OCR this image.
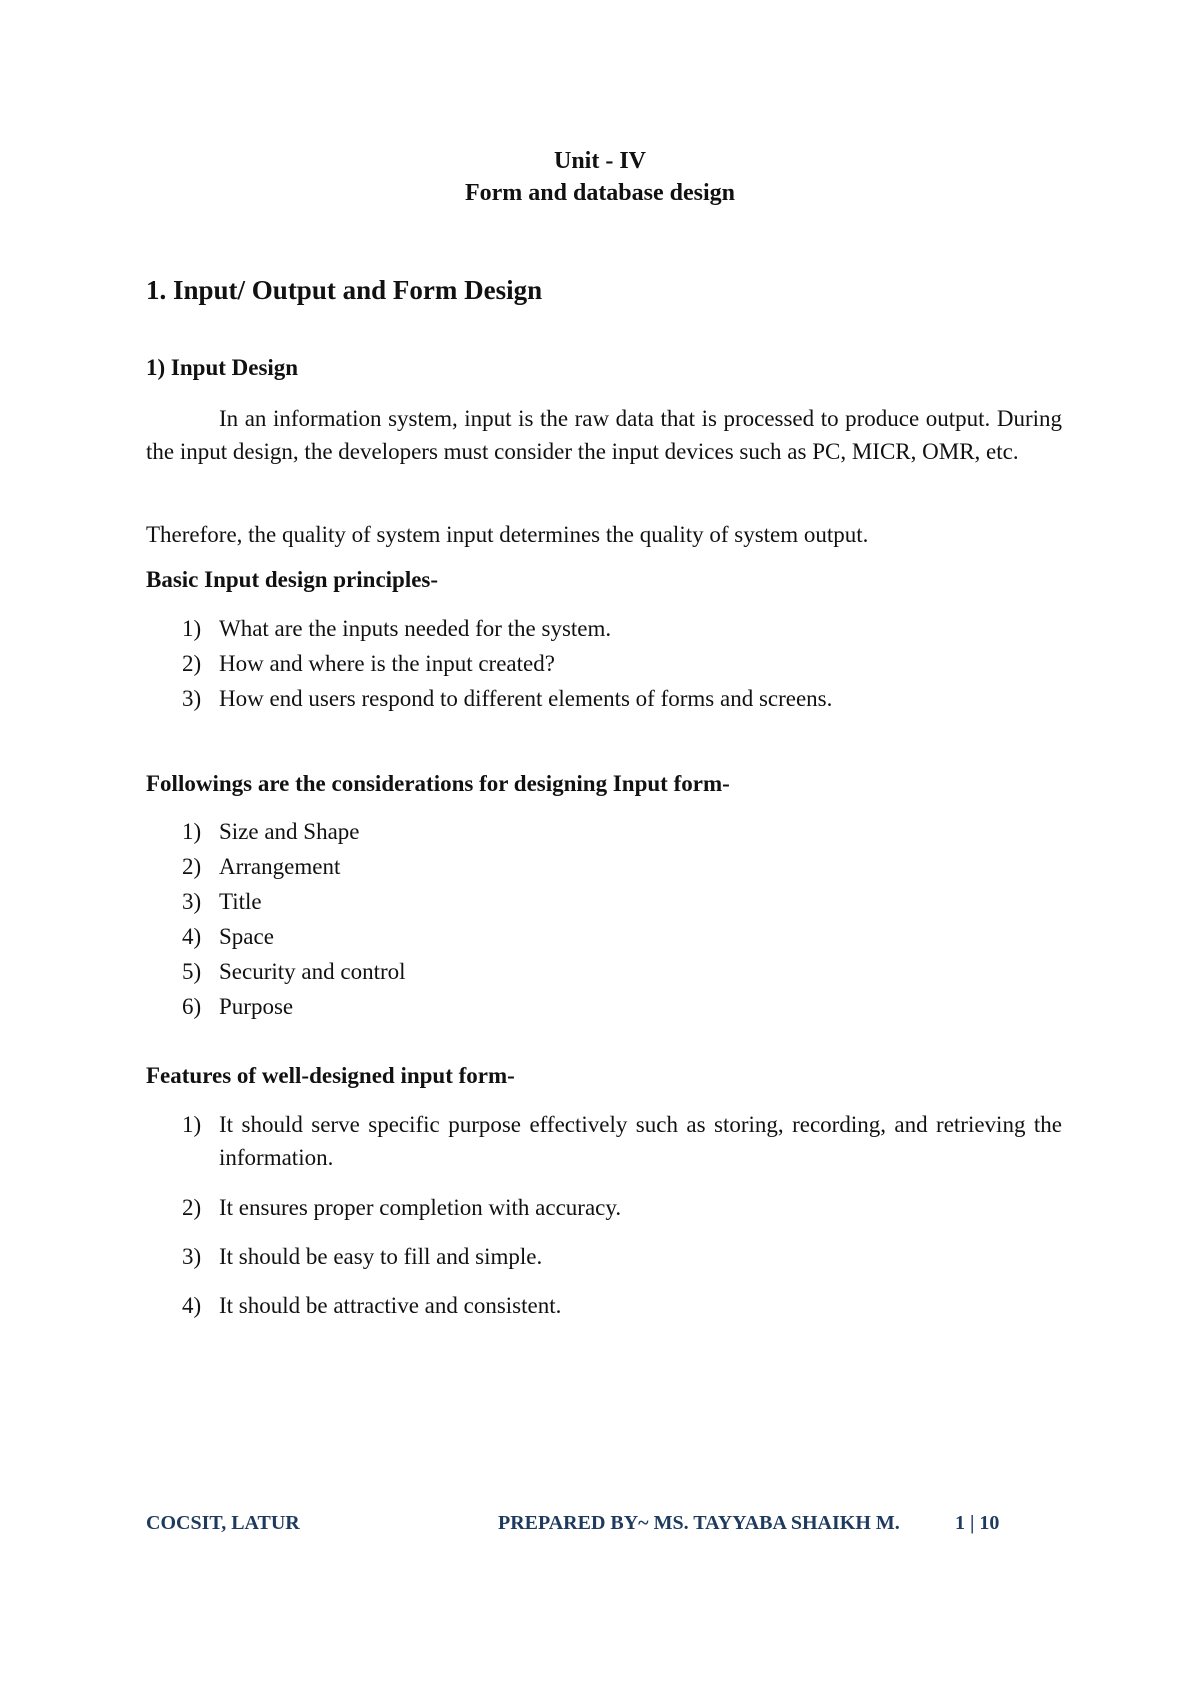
Unit - IV

Form and database design

1. Input/ Output and Form Design

1) Input Design

In an information system, input is the raw data that is processed to produce output. During the input design, the developers must consider the input devices such as PC, MICR, OMR, etc.

Therefore, the quality of system input determines the quality of system output.

Basic Input design principles-

1) What are the inputs needed for the system.
2) How and where is the input created?
3) How end users respond to different elements of forms and screens.

Followings are the considerations for designing Input form-

1) Size and Shape
2) Arrangement
3) Title
4) Space
5) Security and control
6) Purpose

Features of well-designed input form-

1) It should serve specific purpose effectively such as storing, recording, and retrieving the information.
2) It ensures proper completion with accuracy.
3) It should be easy to fill and simple.
4) It should be attractive and consistent.

COCSIT, LATUR	PREPARED BY~ MS. TAYYABA SHAIKH M.	1 | 10
